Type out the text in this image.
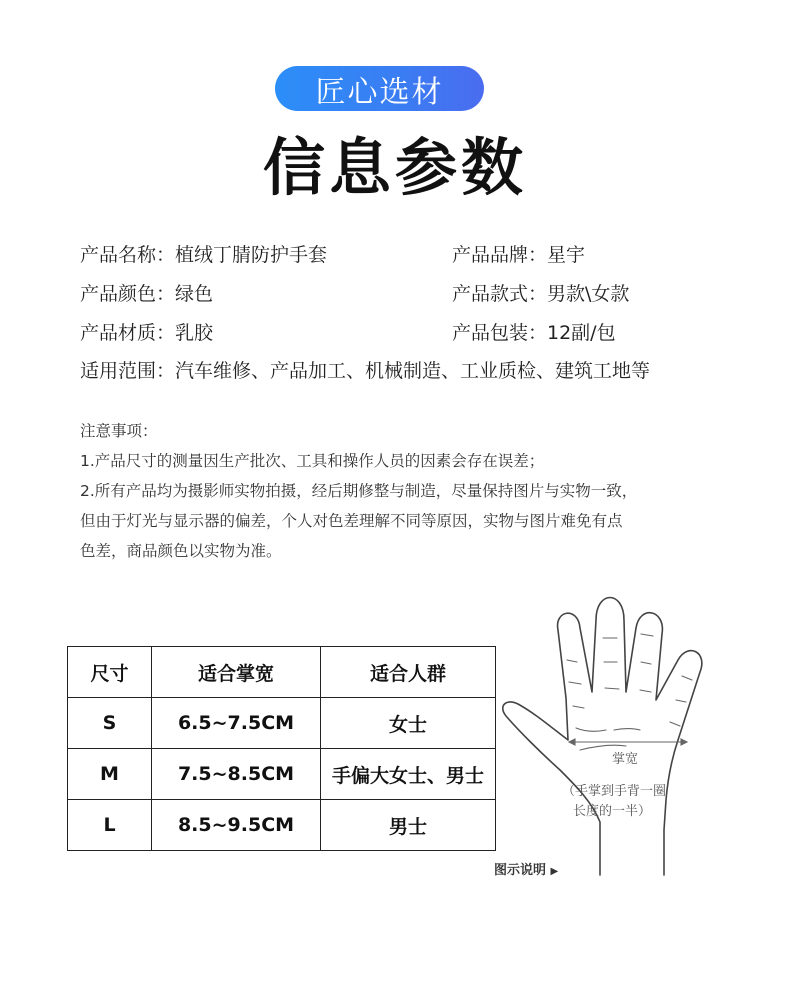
匠心选材
信息参数
产品名称：植绒丁腈防护手套	产品品牌：星宇
产品颜色：绿色	产品款式：男款\女款
产品材质：乳胶	产品包装：12副/包
适用范围：汽车维修、产品加工、机械制造、工业质检、建筑工地等
注意事项：
1.产品尺寸的测量因生产批次、工具和操作人员的因素会存在误差；
2.所有产品均为摄影师实物拍摄，经后期修整与制造，尽量保持图片与实物一致，
但由于灯光与显示器的偏差，个人对色差理解不同等原因，实物与图片难免有点
色差，商品颜色以实物为准。
尺寸	适合掌宽	适合人群
S	6.5~7.5CM	女士
M	7.5~8.5CM	手偏大女士、男士
L	8.5~9.5CM	男士
掌宽
（手掌到手背一圈
长度的一半）
图示说明 ▶
